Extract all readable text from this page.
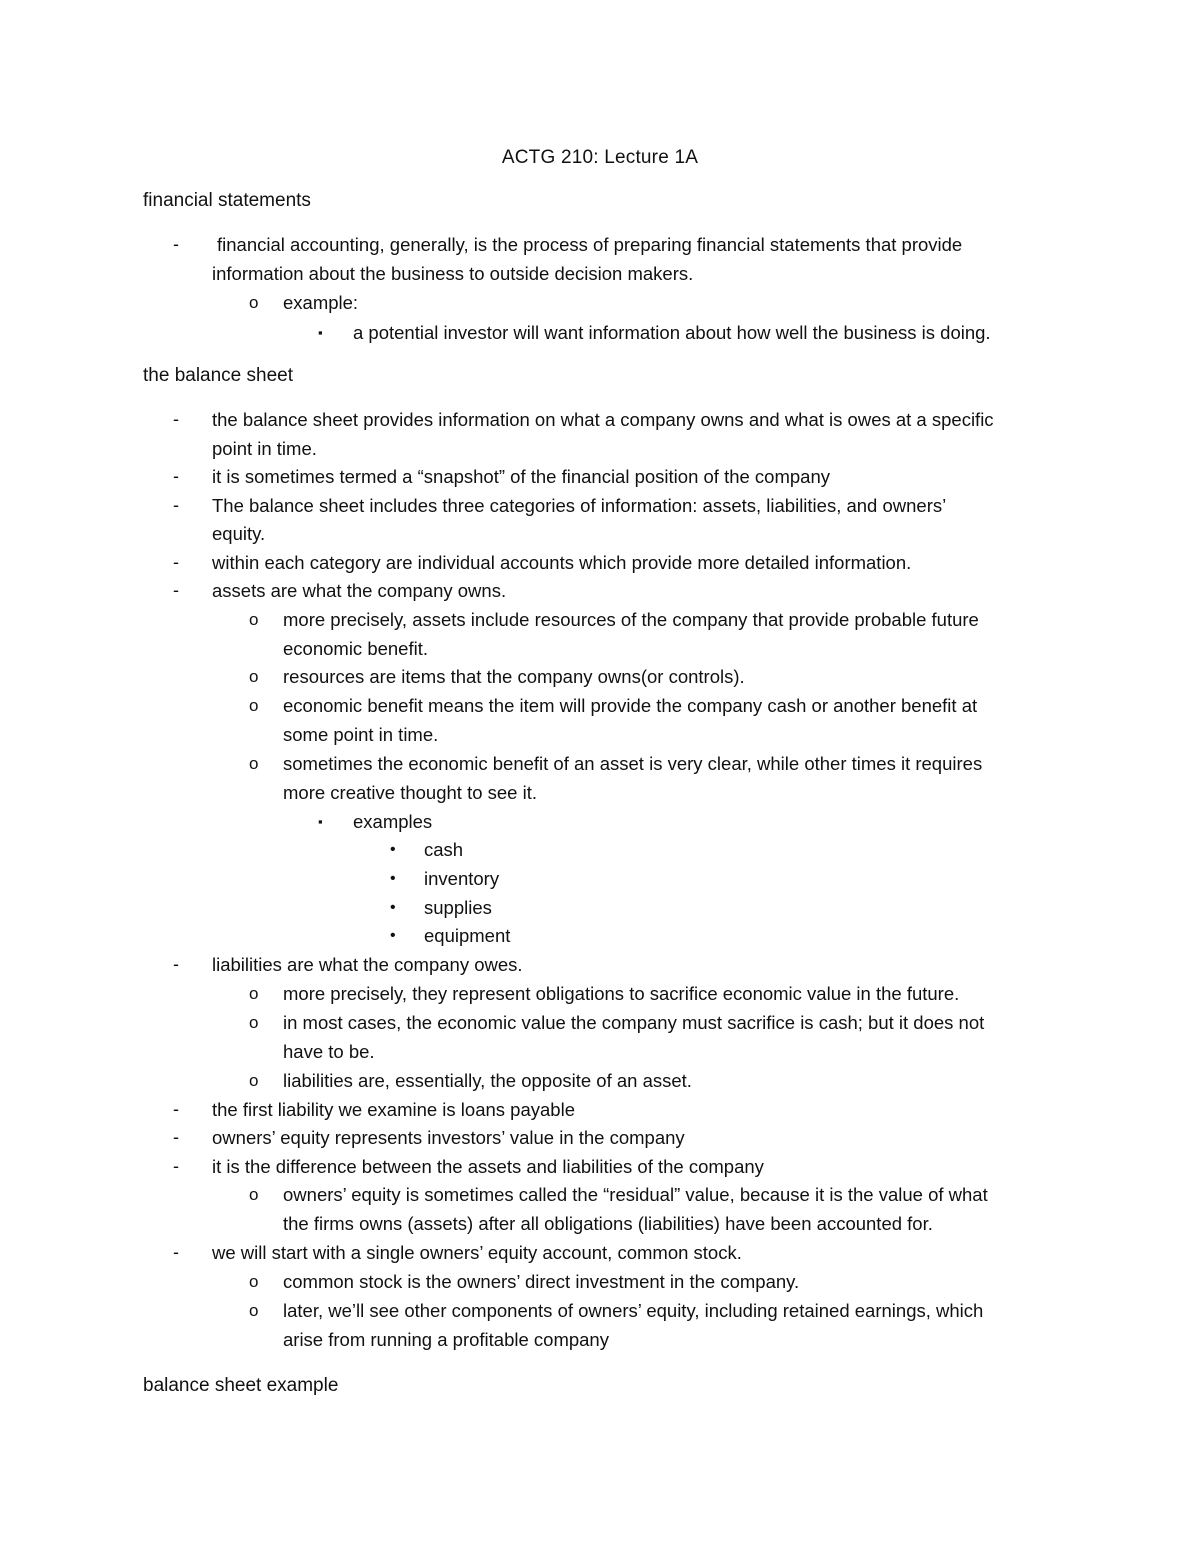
ACTG 210: Lecture 1A
financial statements
- financial accounting, generally, is the process of preparing financial statements that provide
information about the business to outside decision makers.
o example:
▪ a potential investor will want information about how well the business is doing.
the balance sheet
- the balance sheet provides information on what a company owns and what is owes at a specific
point in time.
- it is sometimes termed a “snapshot” of the financial position of the company
- The balance sheet includes three categories of information: assets, liabilities, and owners’
equity.
- within each category are individual accounts which provide more detailed information.
- assets are what the company owns.
o more precisely, assets include resources of the company that provide probable future
economic benefit.
o resources are items that the company owns(or controls).
o economic benefit means the item will provide the company cash or another benefit at
some point in time.
o sometimes the economic benefit of an asset is very clear, while other times it requires
more creative thought to see it.
▪ examples
• cash
• inventory
• supplies
• equipment
- liabilities are what the company owes.
o more precisely, they represent obligations to sacrifice economic value in the future.
o in most cases, the economic value the company must sacrifice is cash; but it does not
have to be.
o liabilities are, essentially, the opposite of an asset.
- the first liability we examine is loans payable
- owners’ equity represents investors’ value in the company
- it is the difference between the assets and liabilities of the company
o owners’ equity is sometimes called the “residual” value, because it is the value of what
the firms owns (assets) after all obligations (liabilities) have been accounted for.
- we will start with a single owners’ equity account, common stock.
o common stock is the owners’ direct investment in the company.
o later, we’ll see other components of owners’ equity, including retained earnings, which
arise from running a profitable company
balance sheet example
